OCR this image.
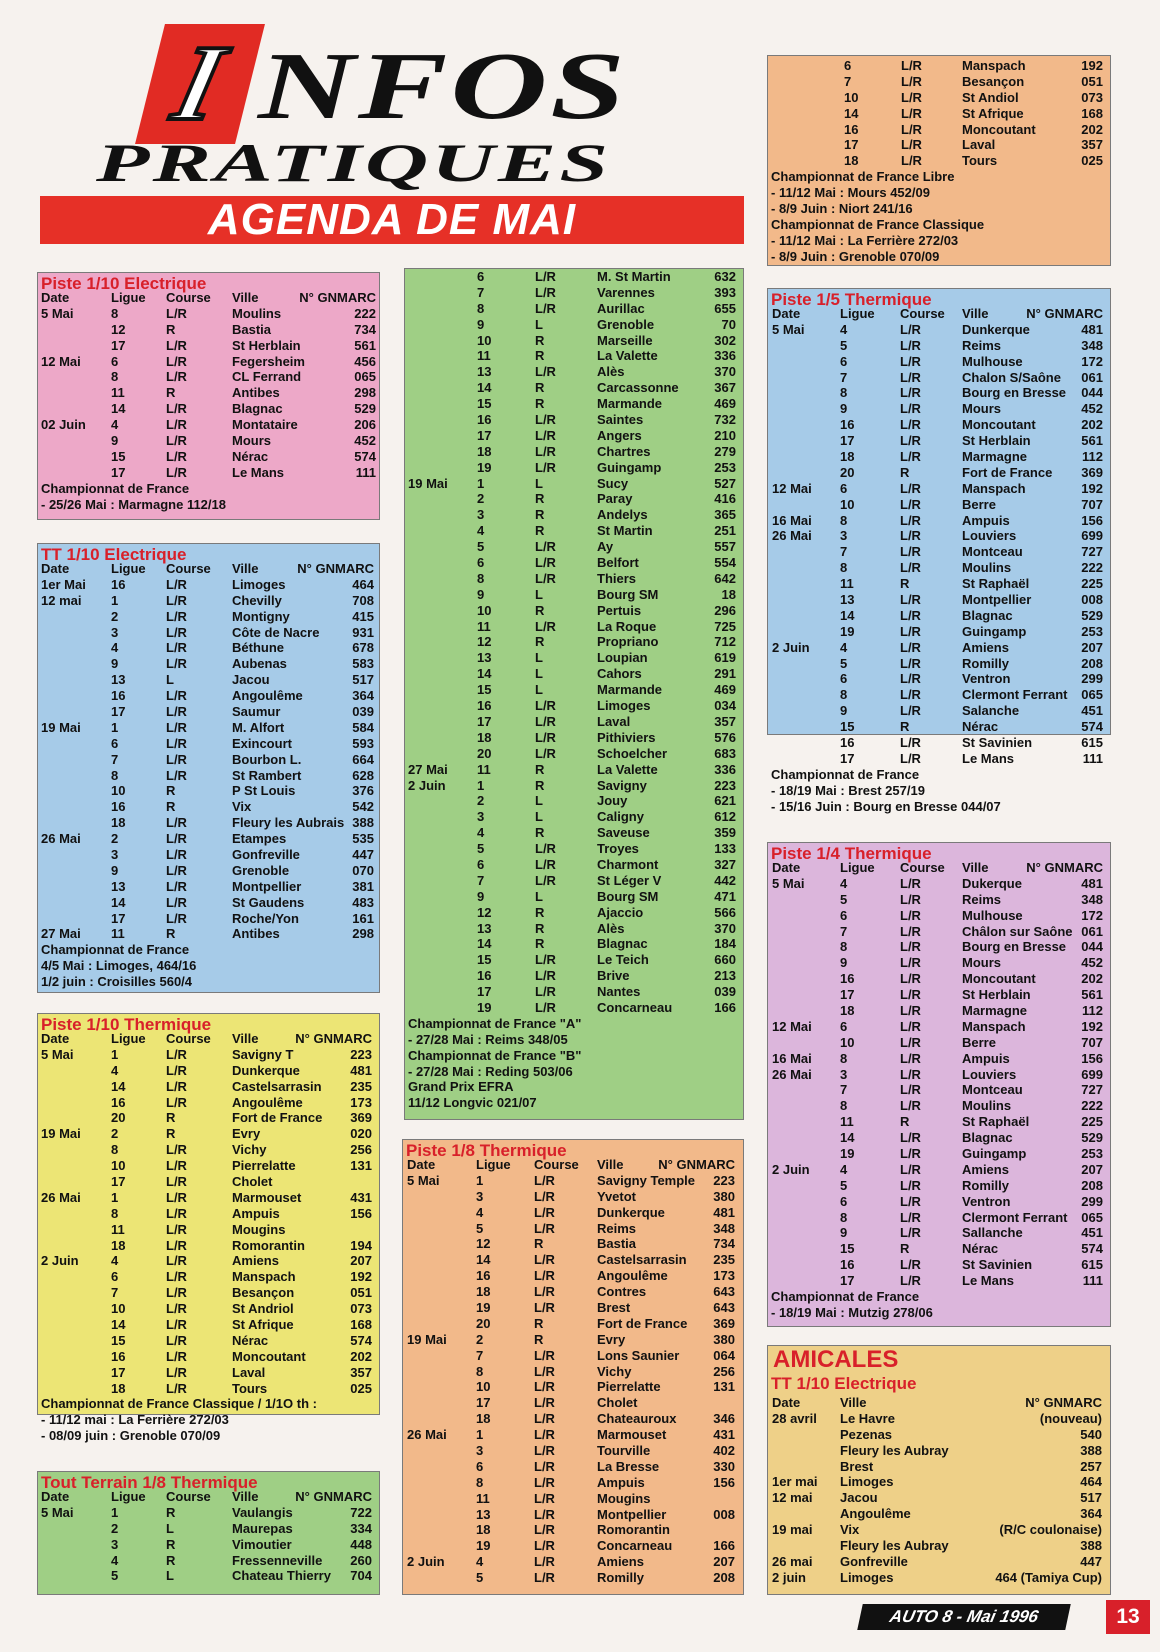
I NFOS
PRATIQUES
AGENDA DE MAI
Piste 1/10 Electrique
Date	Ligue Course Ville	N° GNMARC
5 Mai	8	L/R	Moulins	222
12	R	Bastia	734
17	L/R	St Herblain	561
12 Mai 6	L/R	Fegersheim	456
8	L/R	CL Ferrand	065
11	R	Antibes	298
14	L/R	Blagnac	529
02 Juin 4	L/R	Montataire	206
9	L/R	Mours	452
15	L/R	Nérac	574
17	L/R	Le Mans	111
Championnat de France
- 25/26 Mai : Marmagne 112/18
TT 1/10 Electrique
Date	Ligue Course Ville	N° GNMARC
1er Mai 16	L/R	Limoges	464
12 mai 1	L/R	Chevilly	708
2	L/R	Montigny	415
3	L/R	Côte de Nacre	931
4	L/R	Béthune	678
9	L/R	Aubenas	583
13	L	Jacou	517
16	L/R	Angoulême	364
17	L/R	Saumur	039
19 Mai 1	L/R	M. Alfort	584
6	L/R	Exincourt	593
7	L/R	Bourbon L.	664
8	L/R	St Rambert	628
10	R	P St Louis	376
16	R	Vix	542
18	L/R	Fleury les Aubrais 388
26 Mai 2	L/R	Etampes	535
3	L/R	Gonfreville	447
9	L/R	Grenoble	070
13	L/R	Montpellier	381
14	L/R	St Gaudens	483
17	L/R	Roche/Yon	161
27 Mai 11	R	Antibes	298
Championnat de France
4/5 Mai : Limoges, 464/16
1/2 juin : Croisilles 560/4
Piste 1/10 Thermique
Date	Ligue Course Ville	N° GNMARC
5 Mai	1	L/R	Savigny T	223
4	L/R	Dunkerque	481
14	L/R	Castelsarrasin 235
16	L/R	Angoulême	173
20	R	Fort de France 369
19 Mai 2	R	Evry	020
8	L/R	Vichy	256
10	L/R	Pierrelatte	131
17	L/R	Cholet
26 Mai 1	L/R	Marmouset	431
8	L/R	Ampuis	156
11	L/R	Mougins
18	L/R	Romorantin	194
2 Juin 4	L/R	Amiens	207
6	L/R	Manspach	192
7	L/R	Besançon	051
10	L/R	St Andriol	073
14	L/R	St Afrique	168
15	L/R	Nérac	574
16	L/R	Moncoutant	202
17	L/R	Laval	357
18	L/R	Tours	025
Championnat de France Classique / 1/1O th :
- 11/12 mai : La Ferrière 272/03
- 08/09 juin : Grenoble 070/09
Tout Terrain 1/8 Thermique
Date	Ligue Course Ville	N° GNMARC
5 Mai	1	R	Vaulangis	722
2	L	Maurepas	334
3	R	Vimoutier	448
4	R	Fressenneville 260
5	L	Chateau Thierry 704
6	L/R	M. St Martin	632
7	L/R	Varennes	393
8	L/R	Aurillac	655
9	L	Grenoble	70
10	R	Marseille	302
11	R	La Valette	336
13	L/R	Alès	370
14	R	Carcassonne	367
15	R	Marmande	469
16	L/R	Saintes	732
17	L/R	Angers	210
18	L/R	Chartres	279
19	L/R	Guingamp	253
19 Mai 1	L	Sucy	527
2	R	Paray	416
3	R	Andelys	365
4	R	St Martin	251
5	L/R	Ay	557
6	L/R	Belfort	554
8	L/R	Thiers	642
9	L	Bourg SM	18
10	R	Pertuis	296
11	L/R	La Roque	725
12	R	Propriano	712
13	L	Loupian	619
14	L	Cahors	291
15	L	Marmande	469
16	L/R	Limoges	034
17	L/R	Laval	357
18	L/R	Pithiviers	576
20	L/R	Schoelcher	683
27 Mai 11	R	La Valette	336
2 Juin 1	R	Savigny	223
2	L	Jouy	621
3	L	Caligny	612
4	R	Saveuse	359
5	L/R	Troyes	133
6	L/R	Charmont	327
7	L/R	St Léger V	442
9	L	Bourg SM	471
12	R	Ajaccio	566
13	R	Alès	370
14	R	Blagnac	184
15	L/R	Le Teich	660
16	L/R	Brive	213
17	L/R	Nantes	039
19	L/R	Concarneau	166
Championnat de France "A"
- 27/28 Mai : Reims 348/05
Championnat de France "B"
- 27/28 Mai : Reding 503/06
Grand Prix EFRA
11/12 Longvic 021/07
Piste 1/8 Thermique
Date	Ligue Course Ville	N° GNMARC
5 Mai	1	L/R	Savigny Temple 223
3	L/R	Yvetot	380
4	L/R	Dunkerque	481
5	L/R	Reims	348
12	R	Bastia	734
14	L/R	Castelsarrasin 235
16	L/R	Angoulême	173
18	L/R	Contres	643
19	L/R	Brest	643
20	R	Fort de France 369
19 Mai 2	R	Evry	380
7	L/R	Lons Saunier	064
8	L/R	Vichy	256
10	L/R	Pierrelatte	131
17	L/R	Cholet
18	L/R	Chateauroux	346
26 Mai 1	L/R	Marmouset	431
3	L/R	Tourville	402
6	L/R	La Bresse	330
8	L/R	Ampuis	156
11	L/R	Mougins
13	L/R	Montpellier	008
18	L/R	Romorantin
19	L/R	Concarneau	166
2 Juin 4	L/R	Amiens	207
5	L/R	Romilly	208
6	L/R	Manspach	192
7	L/R	Besançon	051
10	L/R	St Andiol	073
14	L/R	St Afrique	168
16	L/R	Moncoutant	202
17	L/R	Laval	357
18	L/R	Tours	025
Championnat de France Libre
- 11/12 Mai : Mours 452/09
- 8/9 Juin : Niort 241/16
Championnat de France Classique
- 11/12 Mai : La Ferrière 272/03
- 8/9 Juin : Grenoble 070/09
Piste 1/5 Thermique
Date	Ligue Course Ville	N° GNMARC
5 Mai	4	L/R	Dunkerque	481
5	L/R	Reims	348
6	L/R	Mulhouse	172
7	L/R	Chalon S/Saône 061
8	L/R	Bourg en Bresse 044
9	L/R	Mours	452
16	L/R	Moncoutant	202
17	L/R	St Herblain	561
18	L/R	Marmagne	112
20	R	Fort de France 369
12 Mai 6	L/R	Manspach	192
10	L/R	Berre	707
16 Mai 8	L/R	Ampuis	156
26 Mai 3	L/R	Louviers	699
7	L/R	Montceau	727
8	L/R	Moulins	222
11	R	St Raphaël	225
13	L/R	Montpellier	008
14	L/R	Blagnac	529
19	L/R	Guingamp	253
2 Juin 4	L/R	Amiens	207
5	L/R	Romilly	208
6	L/R	Ventron	299
8	L/R	Clermont Ferrant 065
9	L/R	Salanche	451
15	R	Nérac	574
16	L/R	St Savinien	615
17	L/R	Le Mans	111
Championnat de France
- 18/19 Mai : Brest 257/19
- 15/16 Juin : Bourg en Bresse 044/07
Piste 1/4 Thermique
Date	Ligue Course Ville	N° GNMARC
5 Mai	4	L/R	Dukerque	481
5	L/R	Reims	348
6	L/R	Mulhouse	172
7	L/R	Châlon sur Saône 061
8	L/R	Bourg en Bresse 044
9	L/R	Mours	452
16	L/R	Moncoutant	202
17	L/R	St Herblain	561
18	L/R	Marmagne	112
12 Mai 6	L/R	Manspach	192
10	L/R	Berre	707
16 Mai 8	L/R	Ampuis	156
26 Mai 3	L/R	Louviers	699
7	L/R	Montceau	727
8	L/R	Moulins	222
11	R	St Raphaël	225
14	L/R	Blagnac	529
19	L/R	Guingamp	253
2 Juin 4	L/R	Amiens	207
5	L/R	Romilly	208
6	L/R	Ventron	299
8	L/R	Clermont Ferrant 065
9	L/R	Sallanche	451
15	R	Nérac	574
16	L/R	St Savinien	615
17	L/R	Le Mans	111
Championnat de France
- 18/19 Mai : Mutzig 278/06
AMICALES
TT 1/10 Electrique
Date	Ville	N° GNMARC
28 avril Le Havre	(nouveau)
Pezenas	540
Fleury les Aubray	388
Brest	257
1er mai Limoges	464
12 mai Jacou	517
Angoulême	364
19 mai Vix	(R/C coulonaise)
Fleury les Aubray	388
26 mai Gonfreville	447
2 juin	Limoges	464 (Tamiya Cup)
AUTO 8 - Mai 1996	13
